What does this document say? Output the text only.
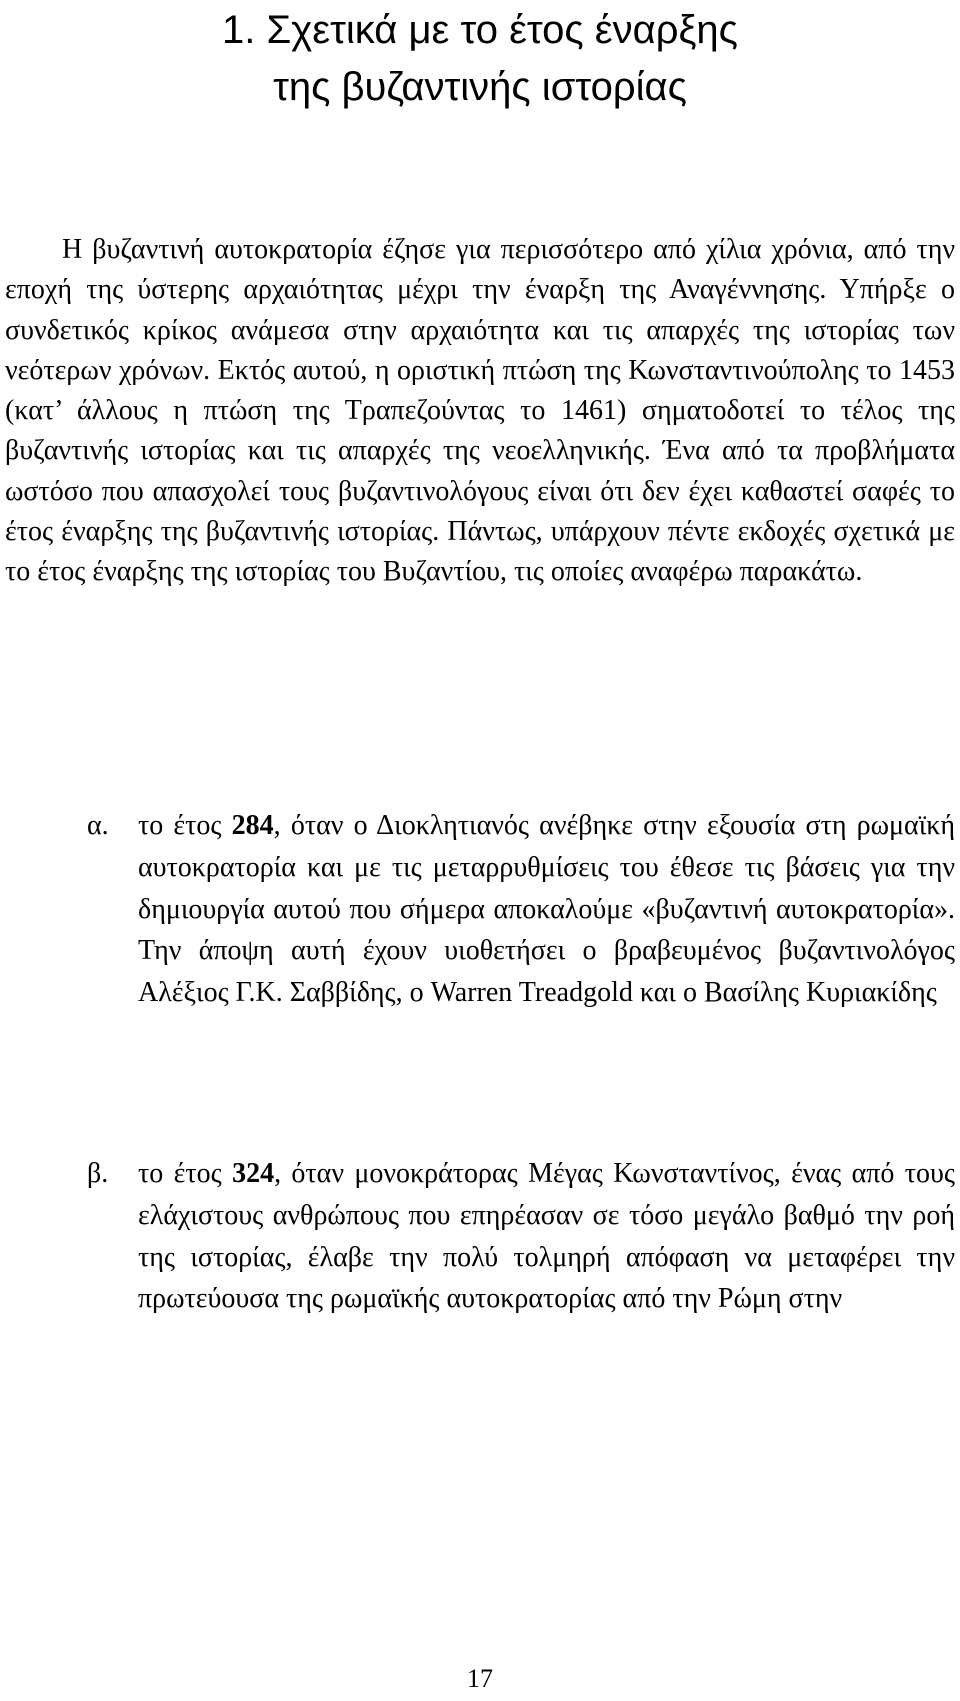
1. Σχετικά με το έτος έναρξης
της βυζαντινής ιστορίας

Η βυζαντινή αυτοκρατορία έζησε για περισσότερο από χίλια χρόνια, από την εποχή της ύστερης αρχαιότητας μέχρι την έναρξη της Αναγέννησης. Υπήρξε ο συνδετικός κρίκος ανάμεσα στην αρχαιότητα και τις απαρχές της ιστορίας των νεότερων χρόνων. Εκτός αυτού, η οριστική πτώση της Κωνσταντινούπολης το 1453 (κατ’ άλλους η πτώση της Τραπεζούντας το 1461) σηματοδοτεί το τέλος της βυζαντινής ιστορίας και τις απαρχές της νεοελληνικής. Ένα από τα προβλήματα ωστόσο που απασχολεί τους βυζαντινολόγους είναι ότι δεν έχει καθαστεί σαφές το έτος έναρξης της βυζαντινής ιστορίας. Πάντως, υπάρχουν πέντε εκδοχές σχετικά με το έτος έναρξης της ιστορίας του Βυζαντίου, τις οποίες αναφέρω παρακάτω.

α. το έτος 284, όταν ο Διοκλητιανός ανέβηκε στην εξουσία στη ρωμαϊκή αυτοκρατορία και με τις μεταρρυθμίσεις του έθεσε τις βάσεις για την δημιουργία αυτού που σήμερα αποκαλούμε «βυζαντινή αυτοκρατορία». Την άποψη αυτή έχουν υιοθετήσει ο βραβευμένος βυζαντινολόγος Αλέξιος Γ.Κ. Σαββίδης, ο Warren Treadgold και ο Βασίλης Κυριακίδης

β. το έτος 324, όταν μονοκράτορας Μέγας Κωνσταντίνος, ένας από τους ελάχιστους ανθρώπους που επηρέασαν σε τόσο μεγάλο βαθμό την ροή της ιστορίας, έλαβε την πολύ τολμηρή απόφαση να μεταφέρει την πρωτεύουσα της ρωμαϊκής αυτοκρατορίας από την Ρώμη στην

17
